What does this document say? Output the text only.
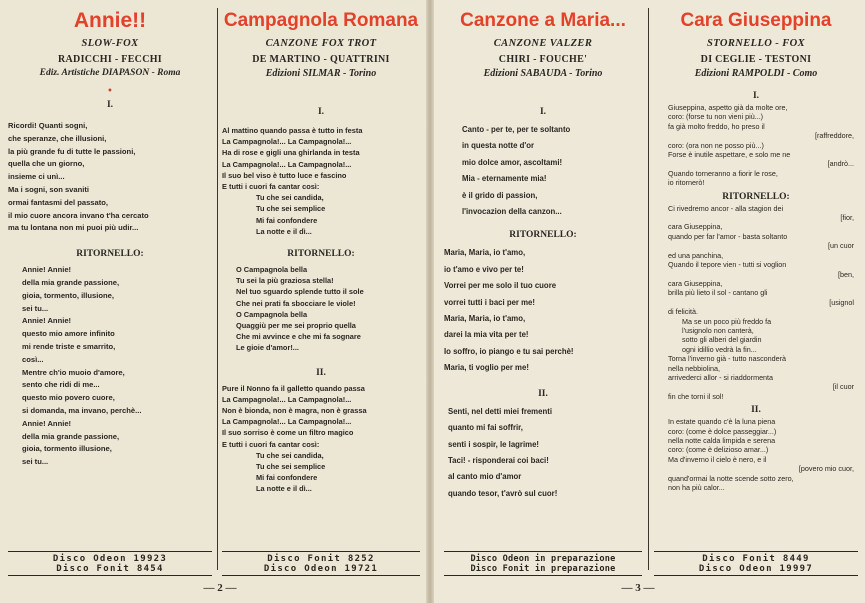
Annie!!
SLOW-FOX
RADICCHI - FECCHI
Ediz. Artistiche DIAPASON - Roma
•
I.
Ricordi! Quanti sogni,
che speranze, che illusioni,
la più grande fu di tutte le passioni,
quella che un giorno,
insieme ci unì...
Ma i sogni, son svaniti
ormai fantasmi del passato,
il mio cuore ancora invano t'ha cercato
ma tu lontana non mi puoi più udir...
RITORNELLO:
Annie! Annie!
della mia grande passione,
gioia, tormento, illusione,
sei tu...
Annie! Annie!
questo mio amore infinito
mi rende triste e smarrito,
così...
Mentre ch'io muoio d'amore,
sento che ridi di me...
questo mio povero cuore,
si domanda, ma invano, perchè...
Annie! Annie!
della mia grande passione,
gioia, tormento illusione,
sei tu...
Disco Odeon 19923
Disco Fonit 8454
Campagnola Romana
CANZONE FOX TROT
DE MARTINO - QUATTRINI
Edizioni SILMAR - Torino
I.
Al mattino quando passa è tutto in festa
La Campagnola!... La Campagnola!...
Ha di rose e gigli una ghirlanda in testa
La Campagnola!... La Campagnola!...
Il suo bel viso è tutto luce e fascino
E tutti i cuori fa cantar così:
Tu che sei candida,
Tu che sei semplice
Mi fai confondere
La notte e il dì...
RITORNELLO:
O Campagnola bella
Tu sei la più graziosa stella!
Nel tuo sguardo splende tutto il sole
Che nei prati fa sbocciare le viole!
O Campagnola bella
Quaggiù per me sei proprio quella
Che mi avvince e che mi fa sognare
Le gioie d'amor!...
II.
Pure il Nonno fa il galletto quando passa
La Campagnola!... La Campagnola!...
Non è bionda, non è magra, non è grassa
La Campagnola!... La Campagnola!...
Il suo sorriso è come un filtro magico
E tutti i cuori fa cantar così:
Tu che sei candida,
Tu che sei semplice
Mi fai confondere
La notte e il dì...
Disco Fonit 8252
Disco Odeon 19721
— 2 —
Canzone a Maria...
CANZONE VALZER
CHIRI - FOUCHE'
Edizioni SABAUDA - Torino
I.
Canto - per te, per te soltanto
in questa notte d'or
mio dolce amor, ascoltami!
Mia - eternamente mia!
è il grido di passion,
l'invocazion della canzon...
RITORNELLO:
Maria, Maria, io t'amo,
io t'amo e vivo per te!
Vorrei per me solo il tuo cuore
vorrei tutti i baci per me!
Maria, Maria, io t'amo,
darei la mia vita per te!
Io soffro, io piango e tu sai perchè!
Maria, ti voglio per me!
II.
Senti, nel detti miei frementi
quanto mi fai soffrir,
senti i sospir, le lagrime!
Taci! - risponderai coi baci!
al canto mio d'amor
quando tesor, t'avrò sul cuor!
Disco Odeon in preparazione
Disco Fonit in preparazione
Cara Giuseppina
STORNELLO - FOX
DI CEGLIE - TESTONI
Edizioni RAMPOLDI - Como
I.
Giuseppina, aspetto già da molte ore,
coro: (forse tu non vieni più...)
fa già molto freddo, ho preso il
[raffreddore,
coro: (ora non ne posso più...)
Forse è inutile aspettare, e solo me ne
[andrò...
Quando torneranno a fiorir le rose,
io ritornerò!
RITORNELLO:
Ci rivedremo ancor - alla stagion dei
[fior,
cara Giuseppina,
quando per far l'amor - basta soltanto
[un cuor
ed una panchina,
Quando il tepore vien - tutti si voglion
[ben,
cara Giuseppina,
brilla più lieto il sol - cantano gli
[usignol
di felicità.
Ma se un poco più freddo fa
l'usignolo non canterà,
sotto gli alberi del giardin
ogni idillio vedrà la fin...
Torna l'inverno già - tutto nasconderà
nella nebbiolina,
arrivederci allor - si riaddormenta
[il cuor
fin che torni il sol!
II.
In estate quando c'è la luna piena
coro: (come è dolce passeggiar...)
nella notte calda limpida e serena
coro: (come è delizioso amar...)
Ma d'inverno il cielo è nero, e il
[povero mio cuor,
quand'ormai la notte scende sotto zero,
non ha più calor...
Disco Fonit 8449
Disco Odeon 19997
— 3 —
